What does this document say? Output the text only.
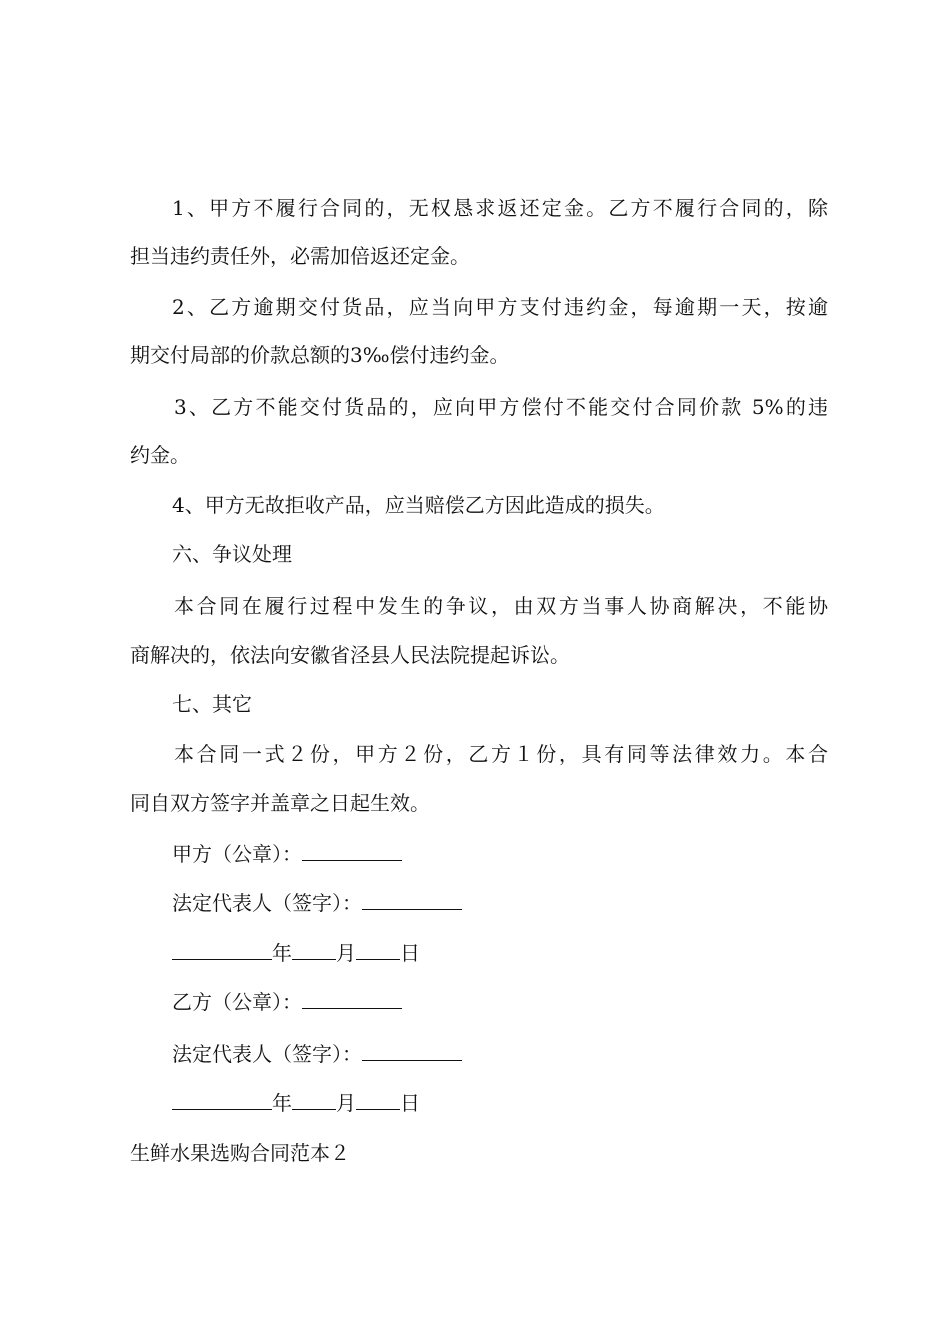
1、甲方不履行合同的，无权恳求返还定金。乙方不履行合同的，除
担当违约责任外，必需加倍返还定金。
2、乙方逾期交付货品，应当向甲方支付违约金，每逾期一天，按逾
期交付局部的价款总额的3‰偿付违约金。
3、乙方不能交付货品的，应向甲方偿付不能交付合同价款 5%的违
约金。
4、甲方无故拒收产品，应当赔偿乙方因此造成的损失。
六、争议处理
本合同在履行过程中发生的争议，由双方当事人协商解决，不能协
商解决的，依法向安徽省泾县人民法院提起诉讼。
七、其它
本合同一式２份，甲方２份，乙方１份，具有同等法律效力。本合
同自双方签字并盖章之日起生效。
甲方（公章）：
法定代表人（签字）：
年 月 日
乙方（公章）：
法定代表人（签字）：
年 月 日
生鲜水果选购合同范本２
